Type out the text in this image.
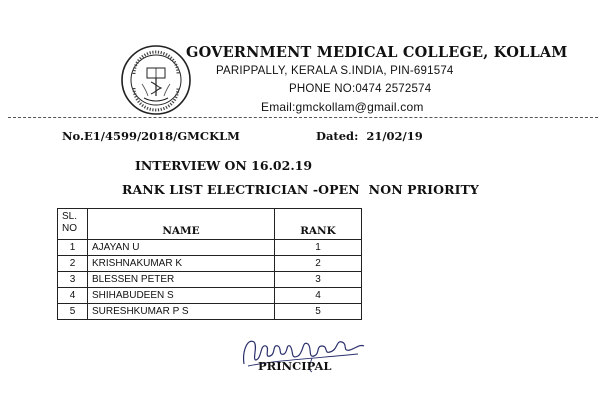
GOVERNMENT MEDICAL COLLEGE, KOLLAM

PARIPPALLY, KERALA S.INDIA, PIN-691574
PHONE NO:0474 2572574
Email:gmckollam@gmail.com
No.E1/4599/2018/GMCKLM	Dated: 21/02/19
INTERVIEW ON 16.02.19
RANK LIST ELECTRICIAN -OPEN  NON PRIORITY
SL.
NO	NAME	RANK
1	AJAYAN U	1
2	KRISHNAKUMAR K	2
3	BLESSEN PETER	3
4	SHIHABUDEEN S	4
5	SURESHKUMAR P S	5
PRINCIPAL
